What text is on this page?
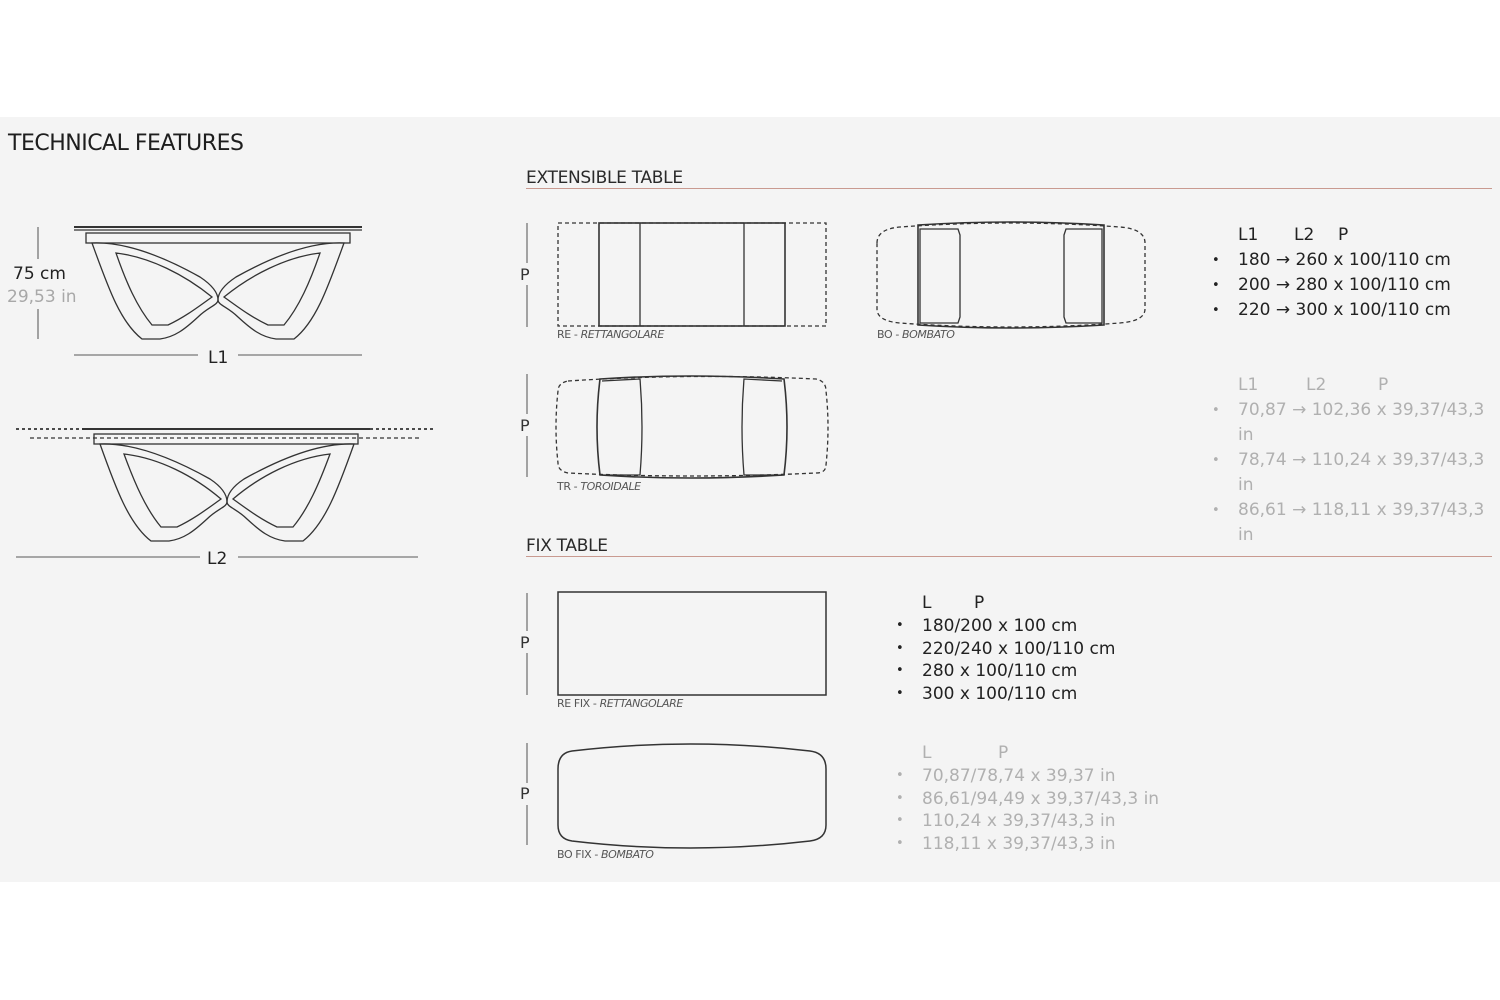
TECHNICAL FEATURES
EXTENSIBLE TABLE
FIX TABLE
75 cm
29,53 in
L1
L2
P
P
P
P
RE - RETTANGOLARE	BO - BOMBATO
TR - TOROIDALE
RE FIX - RETTANGOLARE
BO FIX - BOMBATO
L1 L2 P
• 180 → 260 x 100/110 cm
• 200 → 280 x 100/110 cm
• 220 → 300 x 100/110 cm
L1	L2	P
• 70,87 → 102,36 x 39,37/43,3 in
• 78,74 → 110,24 x 39,37/43,3 in
• 86,61 → 118,11 x 39,37/43,3 in
L	P
• 180/200 x 100 cm
• 220/240 x 100/110 cm
• 280 x 100/110 cm
• 300 x 100/110 cm
L	P
• 70,87/78,74 x 39,37 in
• 86,61/94,49 x 39,37/43,3 in
• 110,24 x 39,37/43,3 in
• 118,11 x 39,37/43,3 in
